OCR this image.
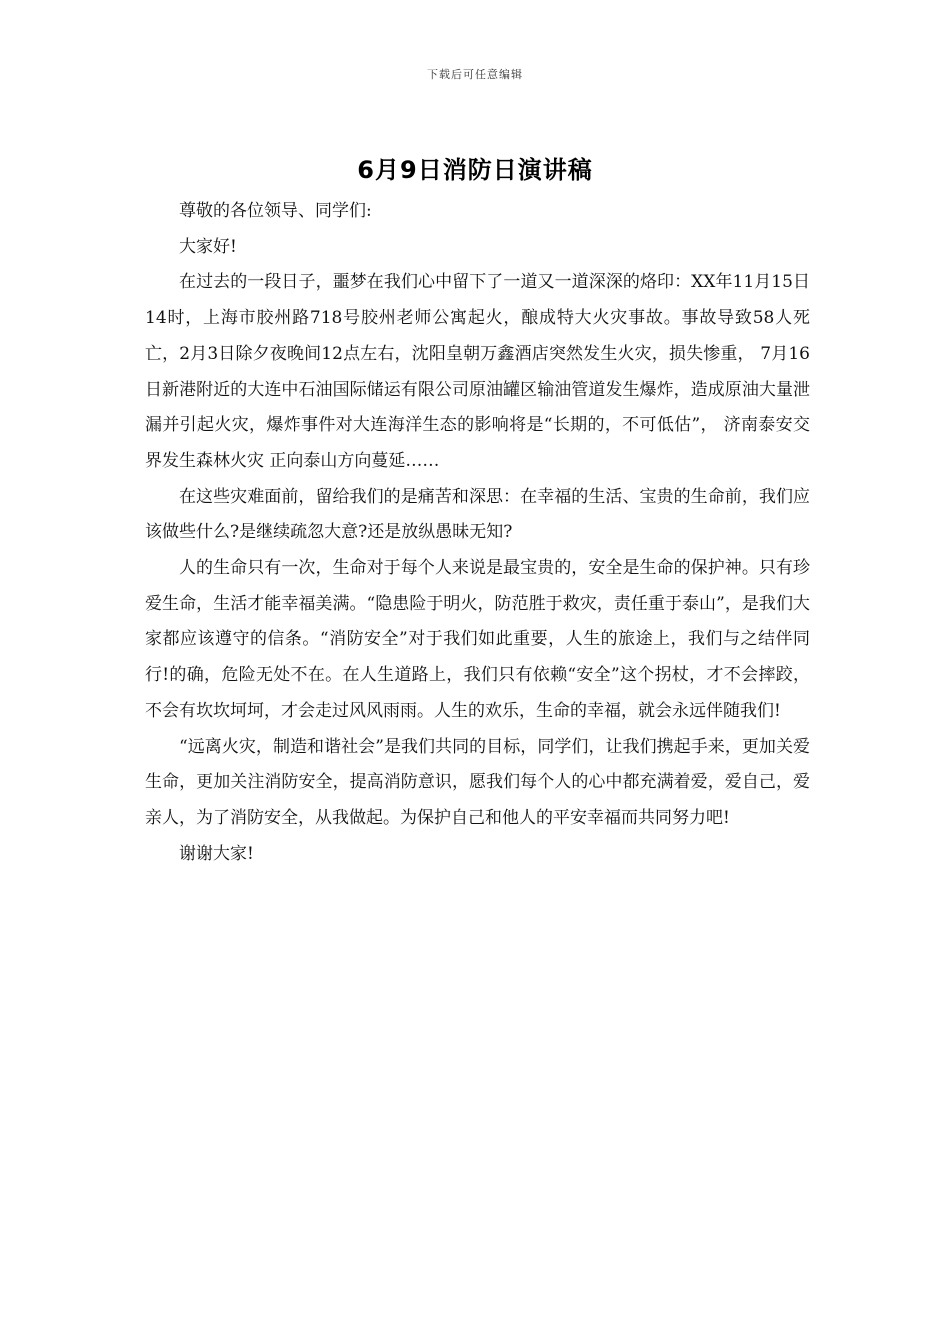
下载后可任意编辑
6月9日消防日演讲稿

尊敬的各位领导、同学们:

大家好!

在过去的一段日子，噩梦在我们心中留下了一道又一道深深的烙印：XX年11月15日14时，上海市胶州路718号胶州老师公寓起火，酿成特大火灾事故。事故导致58人死亡，2月3日除夕夜晚间12点左右，沈阳皇朝万鑫酒店突然发生火灾，损失惨重， 7月16日新港附近的大连中石油国际储运有限公司原油罐区输油管道发生爆炸，造成原油大量泄漏并引起火灾，爆炸事件对大连海洋生态的影响将是“长期的，不可低估”， 济南泰安交界发生森林火灾 正向泰山方向蔓延……

在这些灾难面前，留给我们的是痛苦和深思：在幸福的生活、宝贵的生命前，我们应该做些什么?是继续疏忽大意?还是放纵愚昧无知?

人的生命只有一次，生命对于每个人来说是最宝贵的，安全是生命的保护神。只有珍爱生命，生活才能幸福美满。“隐患险于明火，防范胜于救灾，责任重于泰山”，是我们大家都应该遵守的信条。“消防安全”对于我们如此重要，人生的旅途上，我们与之结伴同行!的确，危险无处不在。在人生道路上，我们只有依赖“安全”这个拐杖，才不会摔跤，不会有坎坎坷坷，才会走过风风雨雨。人生的欢乐，生命的幸福，就会永远伴随我们!

“远离火灾，制造和谐社会”是我们共同的目标，同学们，让我们携起手来，更加关爱生命，更加关注消防安全，提高消防意识，愿我们每个人的心中都充满着爱，爱自己，爱亲人，为了消防安全，从我做起。为保护自己和他人的平安幸福而共同努力吧!

谢谢大家!
